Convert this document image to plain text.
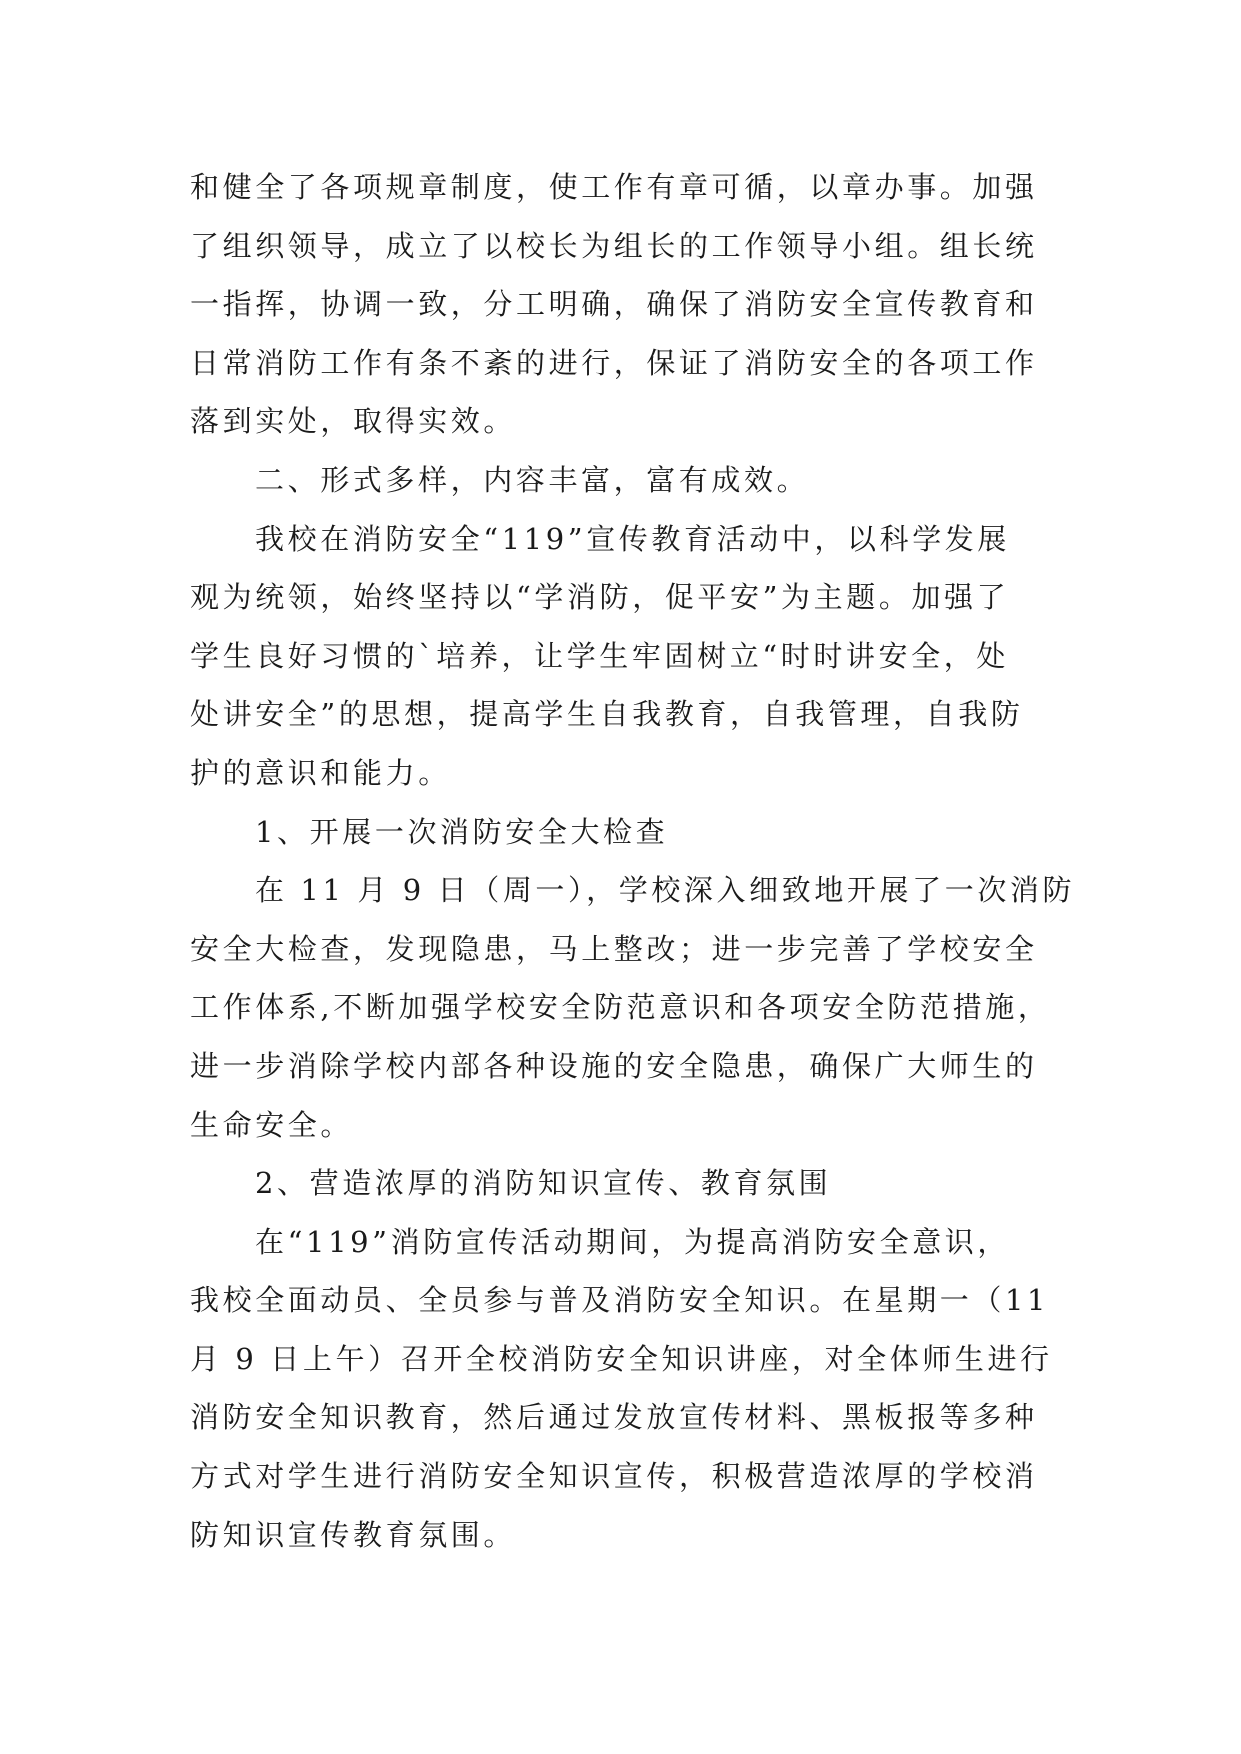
和健全了各项规章制度，使工作有章可循，以章办事。加强
了组织领导，成立了以校长为组长的工作领导小组。组长统
一指挥，协调一致，分工明确，确保了消防安全宣传教育和
日常消防工作有条不紊的进行，保证了消防安全的各项工作
落到实处，取得实效。

二、形式多样，内容丰富，富有成效。

我校在消防安全“119”宣传教育活动中，以科学发展
观为统领，始终坚持以“学消防，促平安”为主题。加强了
学生良好习惯的`培养，让学生牢固树立“时时讲安全，处
处讲安全”的思想，提高学生自我教育，自我管理，自我防
护的意识和能力。

1、开展一次消防安全大检查

在 11 月 9 日（周一），学校深入细致地开展了一次消防
安全大检查，发现隐患，马上整改；进一步完善了学校安全
工作体系,不断加强学校安全防范意识和各项安全防范措施，
进一步消除学校内部各种设施的安全隐患，确保广大师生的
生命安全。

2、营造浓厚的消防知识宣传、教育氛围

在“119”消防宣传活动期间，为提高消防安全意识，
我校全面动员、全员参与普及消防安全知识。在星期一（11
月 9 日上午）召开全校消防安全知识讲座，对全体师生进行
消防安全知识教育，然后通过发放宣传材料、黑板报等多种
方式对学生进行消防安全知识宣传，积极营造浓厚的学校消
防知识宣传教育氛围。
